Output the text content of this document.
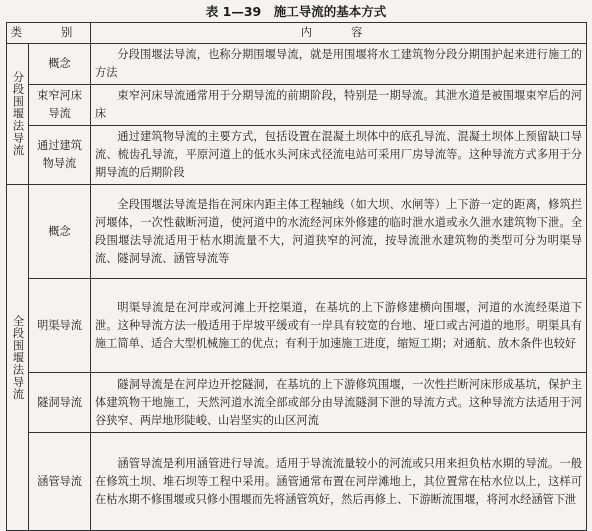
表 1—39　施工导流的基本方式
类　别		内　容
分段围堰法导流	概念	分段围堰法导流，也称分期围堰导流，就是用围堰将水工建筑物分段分期围护起来进行施工的方法
	束窄河床导流	束窄河床导流通常用于分期导流的前期阶段，特别是一期导流。其泄水道是被围堰束窄后的河床
	通过建筑物导流	通过建筑物导流的主要方式，包括设置在混凝土坝体中的底孔导流、混凝土坝体上预留缺口导流、梳齿孔导流，平原河道上的低水头河床式径流电站可采用厂房导流等。这种导流方式多用于分期导流的后期阶段
全段围堰法导流	概念	全段围堰法导流是指在河床内距主体工程轴线（如大坝、水闸等）上下游一定的距离，修筑拦河堰体，一次性截断河道，使河道中的水流经河床外修建的临时泄水道或永久泄水建筑物下泄。全段围堰法导流适用于枯水期流量不大，河道狭窄的河流，按导流泄水建筑物的类型可分为明渠导流、隧洞导流、涵管导流等
	明渠导流	明渠导流是在河岸或河滩上开挖渠道，在基坑的上下游修建横向围堰，河道的水流经渠道下泄。这种导流方法一般适用于岸坡平缓或有一岸具有较宽的台地、垭口或古河道的地形。明渠具有施工简单、适合大型机械施工的优点；有利于加速施工进度，缩短工期；对通航、放木条件也较好
	隧洞导流	隧洞导流是在河岸边开挖隧洞，在基坑的上下游修筑围堰，一次性拦断河床形成基坑，保护主体建筑物干地施工，天然河道水流全部或部分由导流隧洞下泄的导流方式。这种导流方法适用于河谷狭窄、两岸地形陡峻、山岩坚实的山区河流
	涵管导流	涵管导流是利用涵管进行导流。适用于导流流量较小的河流或只用来担负枯水期的导流。一般在修筑土坝、堆石坝等工程中采用。涵管通常布置在河岸滩地上，其位置常在枯水位以上，这样可在枯水期不修围堰或只修小围堰而先将涵管筑好，然后再修上、下游断流围堰，将河水经涵管下泄
